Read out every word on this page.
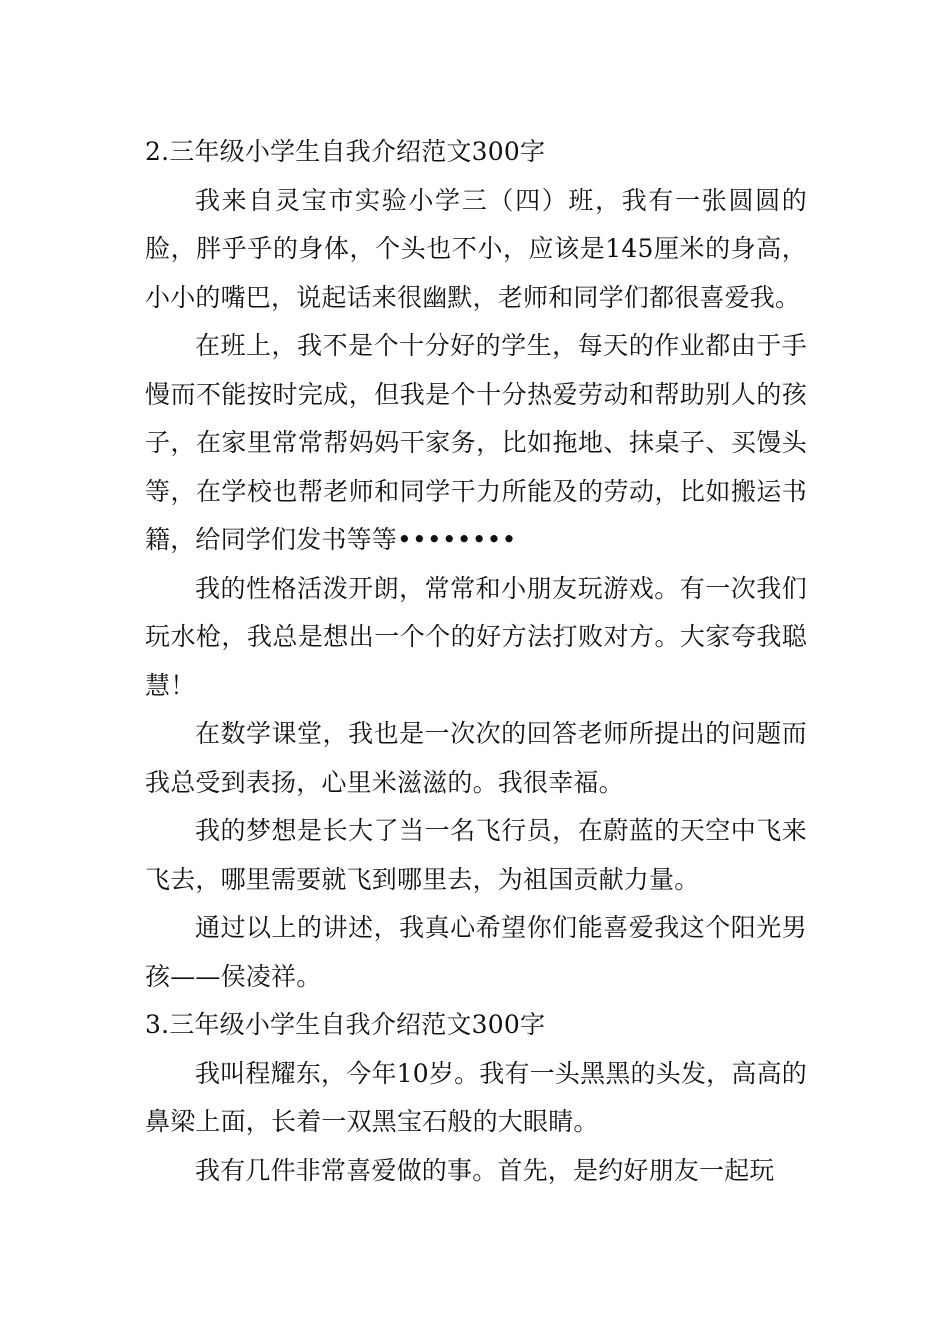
2.三年级小学生自我介绍范文300字

我来自灵宝市实验小学三（四）班，我有一张圆圆的脸，胖乎乎的身体，个头也不小，应该是145厘米的身高，小小的嘴巴，说起话来很幽默，老师和同学们都很喜爱我。

在班上，我不是个十分好的学生，每天的作业都由于手慢而不能按时完成，但我是个十分热爱劳动和帮助别人的孩子，在家里常常帮妈妈干家务，比如拖地、抹桌子、买馒头等，在学校也帮老师和同学干力所能及的劳动，比如搬运书籍，给同学们发书等等••••••••

我的性格活泼开朗，常常和小朋友玩游戏。有一次我们玩水枪，我总是想出一个个的好方法打败对方。大家夸我聪慧！

在数学课堂，我也是一次次的回答老师所提出的问题而我总受到表扬，心里米滋滋的。我很幸福。

我的梦想是长大了当一名飞行员，在蔚蓝的天空中飞来飞去，哪里需要就飞到哪里去，为祖国贡献力量。

通过以上的讲述，我真心希望你们能喜爱我这个阳光男孩——侯凌祥。

3.三年级小学生自我介绍范文300字

我叫程耀东，今年10岁。我有一头黑黑的头发，高高的鼻梁上面，长着一双黑宝石般的大眼睛。

我有几件非常喜爱做的事。首先，是约好朋友一起玩
